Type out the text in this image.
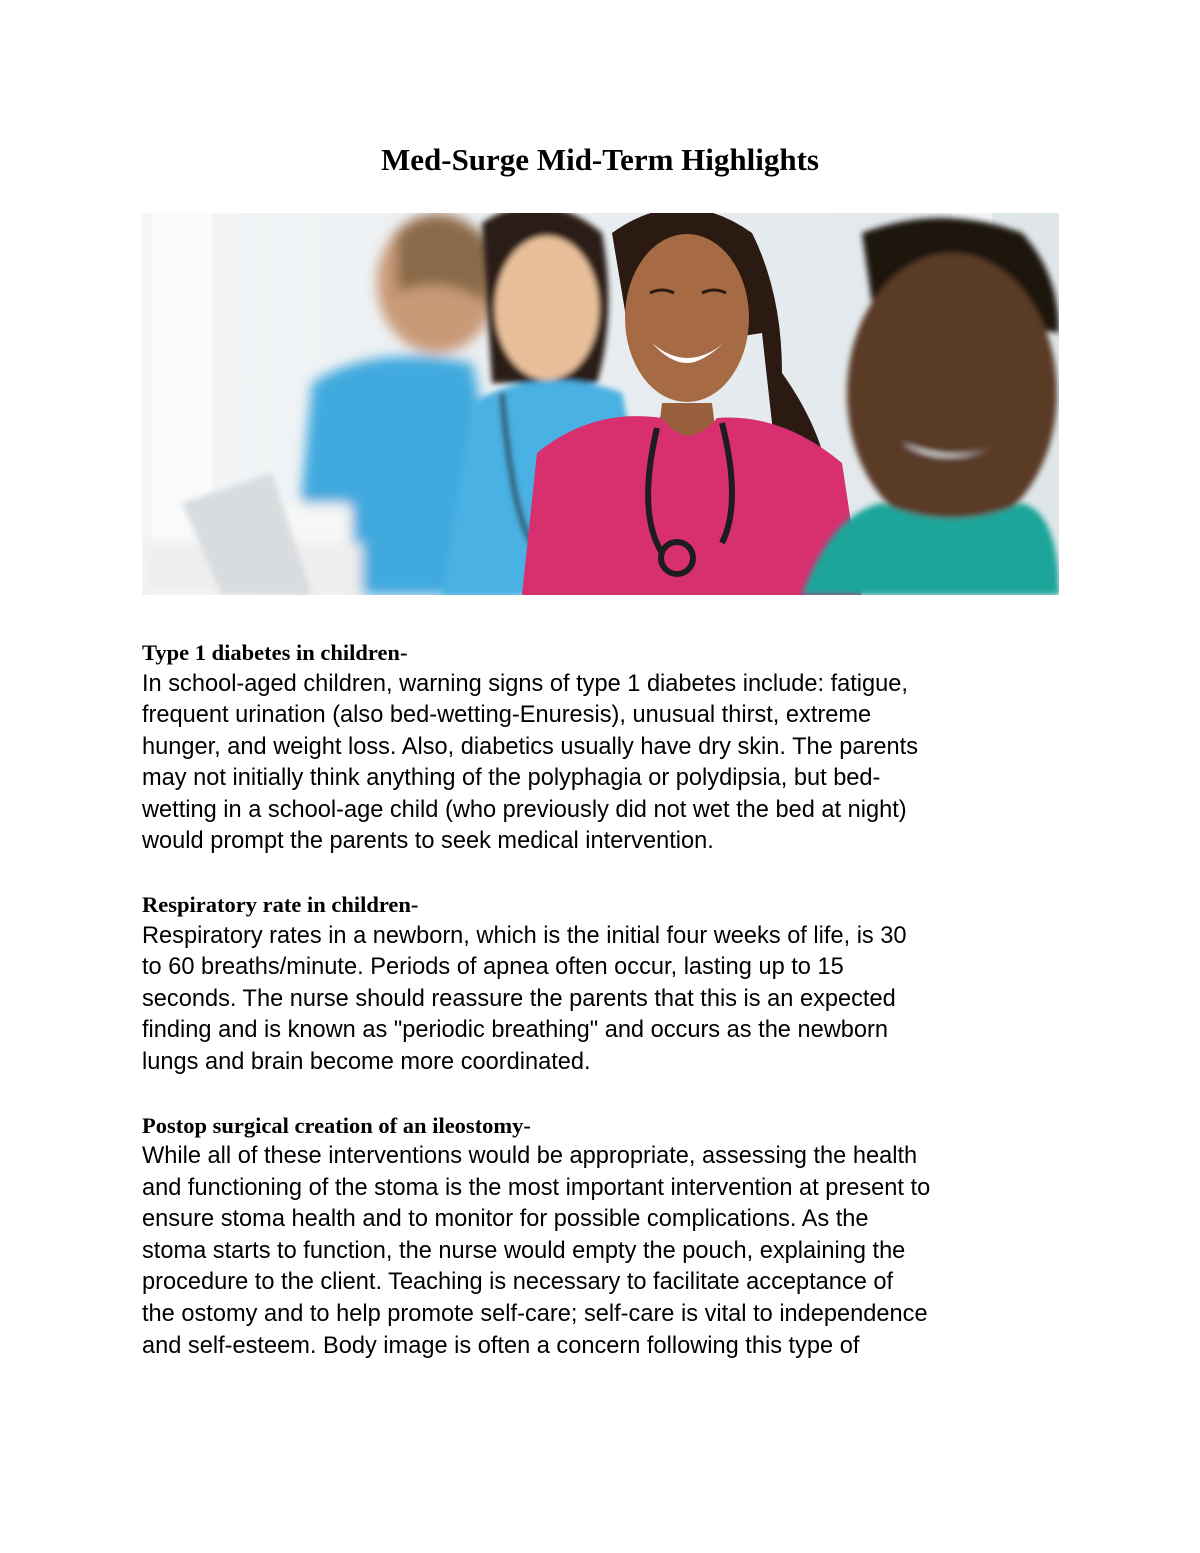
Med-Surge Mid-Term Highlights

Type 1 diabetes in children-

In school-aged children, warning signs of type 1 diabetes include: fatigue,
frequent urination (also bed-wetting-Enuresis), unusual thirst, extreme
hunger, and weight loss. Also, diabetics usually have dry skin. The parents
may not initially think anything of the polyphagia or polydipsia, but bed-
wetting in a school-age child (who previously did not wet the bed at night)
would prompt the parents to seek medical intervention.

Respiratory rate in children-

Respiratory rates in a newborn, which is the initial four weeks of life, is 30
to 60 breaths/minute. Periods of apnea often occur, lasting up to 15
seconds. The nurse should reassure the parents that this is an expected
finding and is known as "periodic breathing" and occurs as the newborn
lungs and brain become more coordinated.

Postop surgical creation of an ileostomy-

While all of these interventions would be appropriate, assessing the health
and functioning of the stoma is the most important intervention at present to
ensure stoma health and to monitor for possible complications. As the
stoma starts to function, the nurse would empty the pouch, explaining the
procedure to the client. Teaching is necessary to facilitate acceptance of
the ostomy and to help promote self-care; self-care is vital to independence
and self-esteem. Body image is often a concern following this type of
